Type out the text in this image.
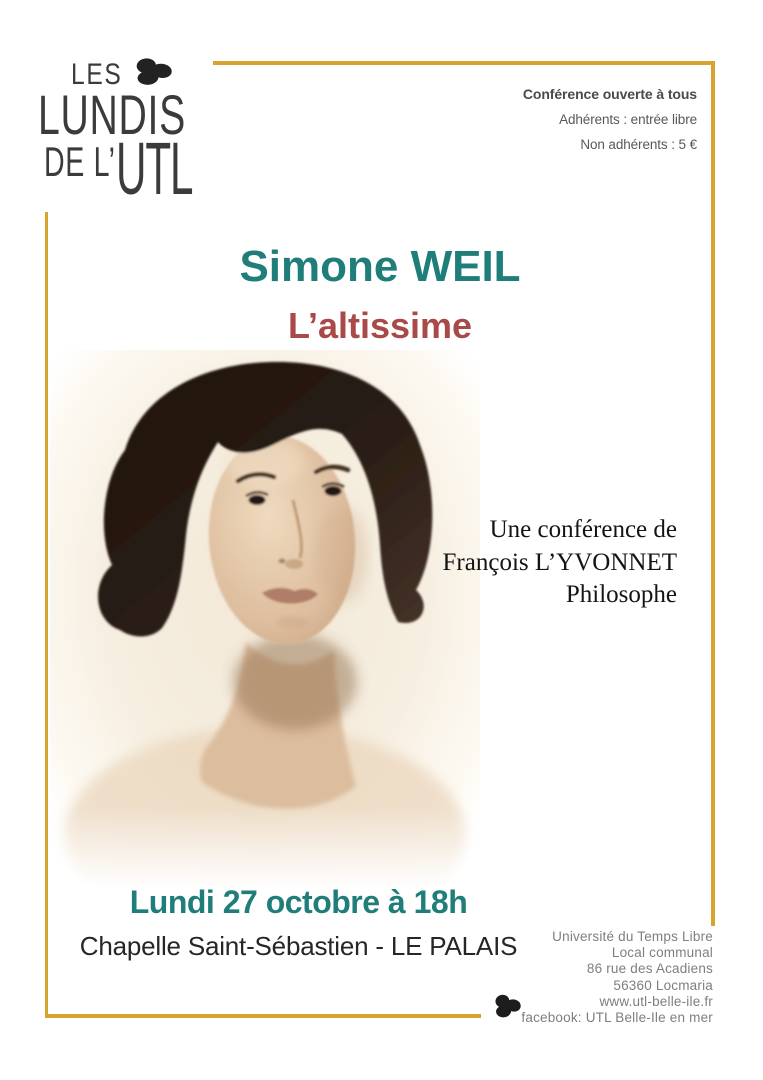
LES
LUNDIS
DE L’ UTL
Conférence ouverte à tous
Adhérents : entrée libre
Non adhérents : 5 €
Simone WEIL
L’altissime
Une conférence de
François L’YVONNET
Philosophe
Lundi 27 octobre à 18h
Chapelle Saint-Sébastien - LE PALAIS	Université du Temps Libre
Local communal
86 rue des Acadiens
56360 Locmaria
www.utl-belle-ile.fr
facebook: UTL Belle-Ile en mer
